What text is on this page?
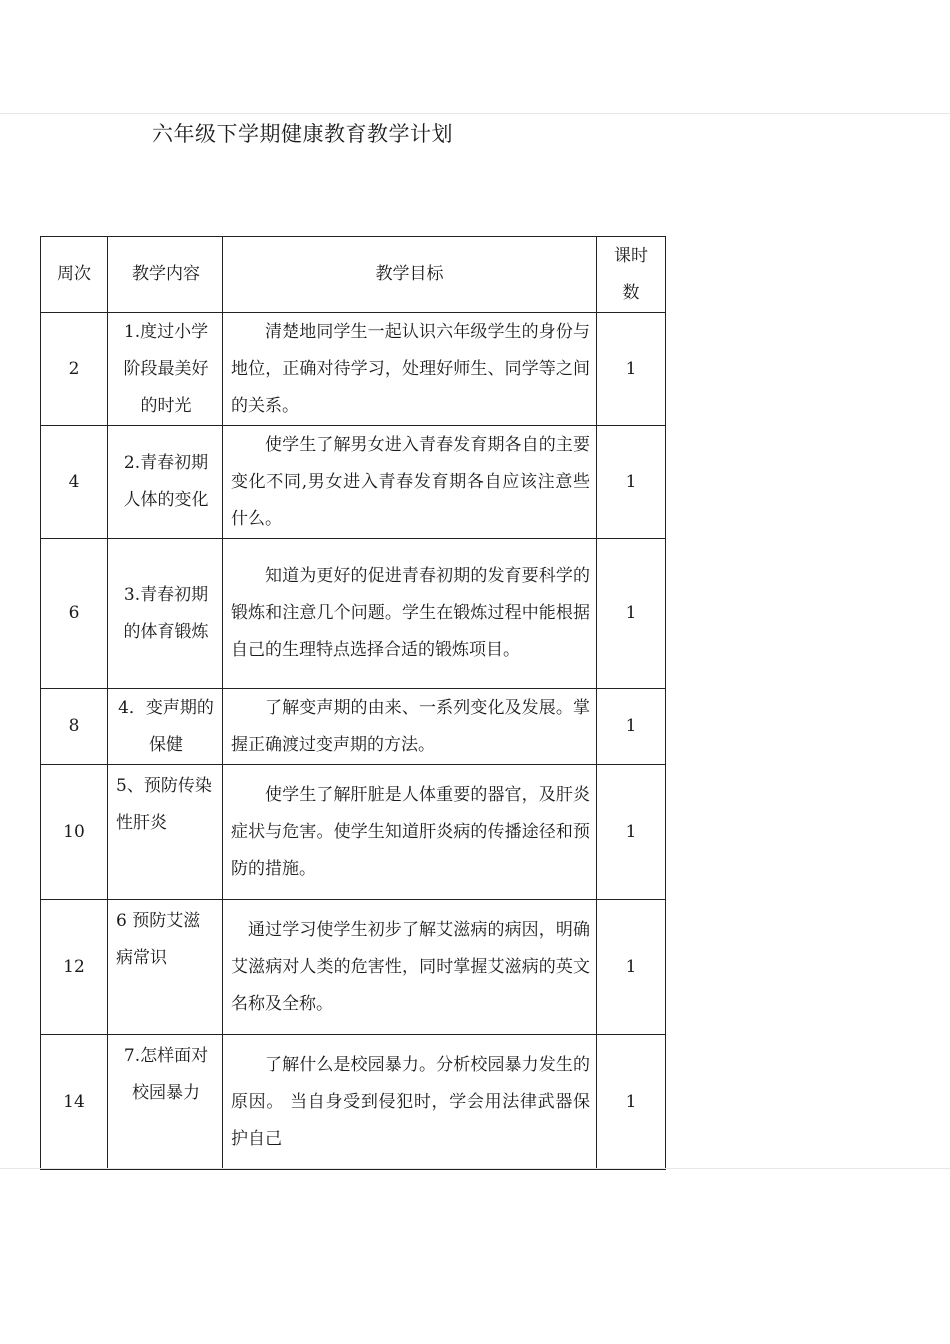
六年级下学期健康教育教学计划
周次	教学内容	教学目标	课时数
2	1.度过小学阶段最美好的时光	清楚地同学生一起认识六年级学生的身份与地位，正确对待学习，处理好师生、同学等之间的关系。	1
4	2.青春初期人体的变化	使学生了解男女进入青春发育期各自的主要变化不同,男女进入青春发育期各自应该注意些什么。	1
6	3.青春初期的体育锻炼	知道为更好的促进青春初期的发育要科学的锻炼和注意几个问题。学生在锻炼过程中能根据自己的生理特点选择合适的锻炼项目。	1
8	4．变声期的保健	了解变声期的由来、一系列变化及发展。掌握正确渡过变声期的方法。	1
10	5、预防传染性肝炎	使学生了解肝脏是人体重要的器官，及肝炎症状与危害。使学生知道肝炎病的传播途径和预防的措施。	1
12	6 预防艾滋病常识	通过学习使学生初步了解艾滋病的病因，明确艾滋病对人类的危害性，同时掌握艾滋病的英文名称及全称。	1
14	7.怎样面对校园暴力	了解什么是校园暴力。分析校园暴力发生的原因。 当自身受到侵犯时，学会用法律武器保护自己	1
